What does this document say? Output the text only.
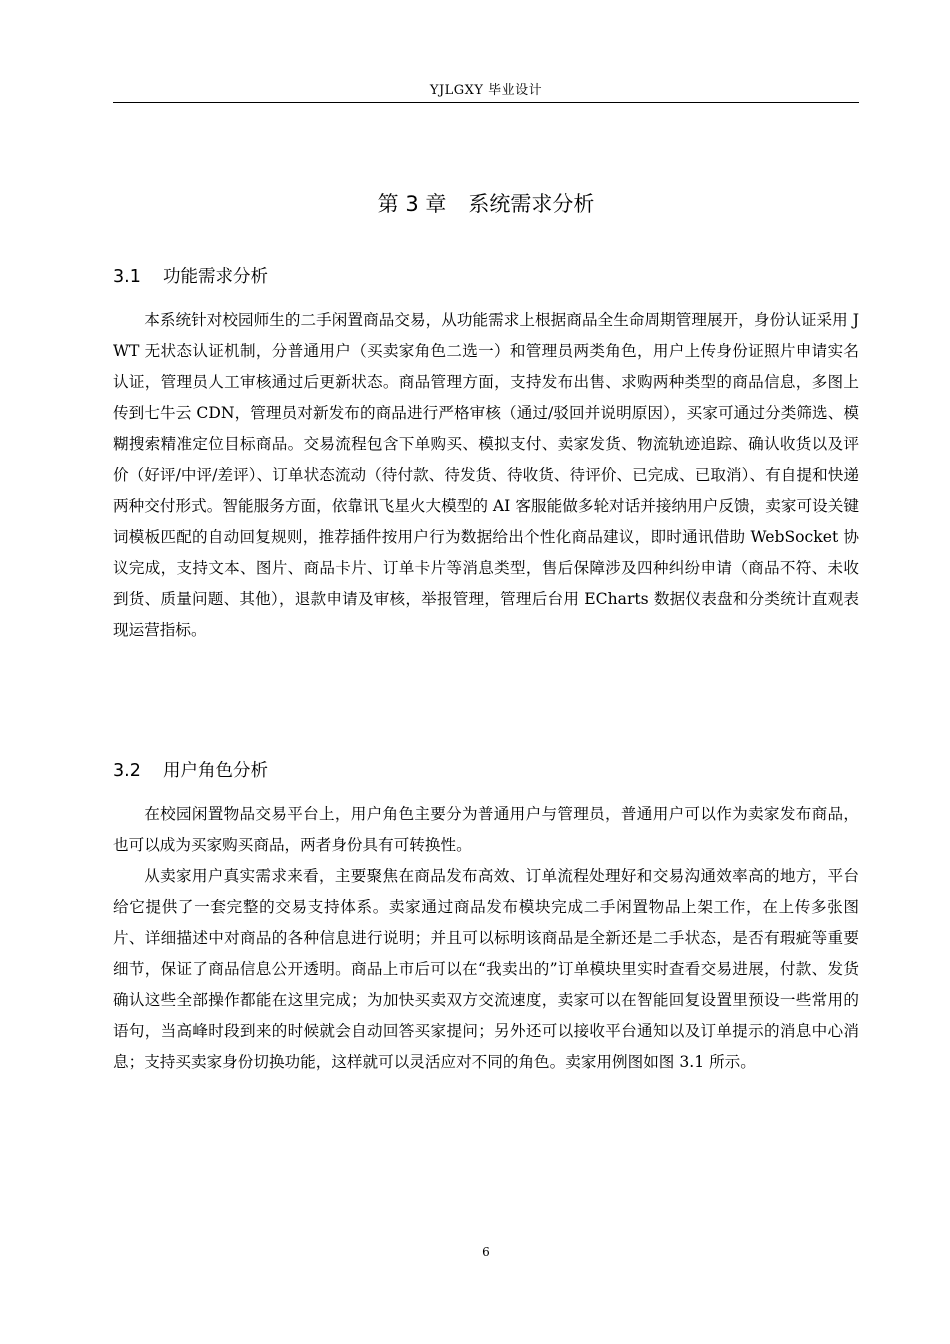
YJLGXY 毕业设计
第 3 章 系统需求分析
3.1 功能需求分析

本系统针对校园师生的二手闲置商品交易，从功能需求上根据商品全生命周期管理展开，身份认证采用 JWT 无状态认证机制，分普通用户（买卖家角色二选一）和管理员两类角色，用户上传身份证照片申请实名认证，管理员人工审核通过后更新状态。商品管理方面，支持发布出售、求购两种类型的商品信息，多图上传到七牛云 CDN，管理员对新发布的商品进行严格审核（通过/驳回并说明原因），买家可通过分类筛选、模糊搜索精准定位目标商品。交易流程包含下单购买、模拟支付、卖家发货、物流轨迹追踪、确认收货以及评价（好评/中评/差评）、订单状态流动（待付款、待发货、待收货、待评价、已完成、已取消）、有自提和快递两种交付形式。智能服务方面，依靠讯飞星火大模型的 AI 客服能做多轮对话并接纳用户反馈，卖家可设关键词模板匹配的自动回复规则，推荐插件按用户行为数据给出个性化商品建议，即时通讯借助 WebSocket 协议完成，支持文本、图片、商品卡片、订单卡片等消息类型，售后保障涉及四种纠纷申请（商品不符、未收到货、质量问题、其他），退款申请及审核，举报管理，管理后台用 ECharts 数据仪表盘和分类统计直观表现运营指标。

3.2 用户角色分析

在校园闲置物品交易平台上，用户角色主要分为普通用户与管理员，普通用户可以作为卖家发布商品，也可以成为买家购买商品，两者身份具有可转换性。

从卖家用户真实需求来看，主要聚焦在商品发布高效、订单流程处理好和交易沟通效率高的地方，平台给它提供了一套完整的交易支持体系。卖家通过商品发布模块完成二手闲置物品上架工作，在上传多张图片、详细描述中对商品的各种信息进行说明；并且可以标明该商品是全新还是二手状态，是否有瑕疵等重要细节，保证了商品信息公开透明。商品上市后可以在“我卖出的”订单模块里实时查看交易进展，付款、发货确认这些全部操作都能在这里完成；为加快买卖双方交流速度，卖家可以在智能回复设置里预设一些常用的语句，当高峰时段到来的时候就会自动回答买家提问；另外还可以接收平台通知以及订单提示的消息中心消息；支持买卖家身份切换功能，这样就可以灵活应对不同的角色。卖家用例图如图 3.1 所示。

6
